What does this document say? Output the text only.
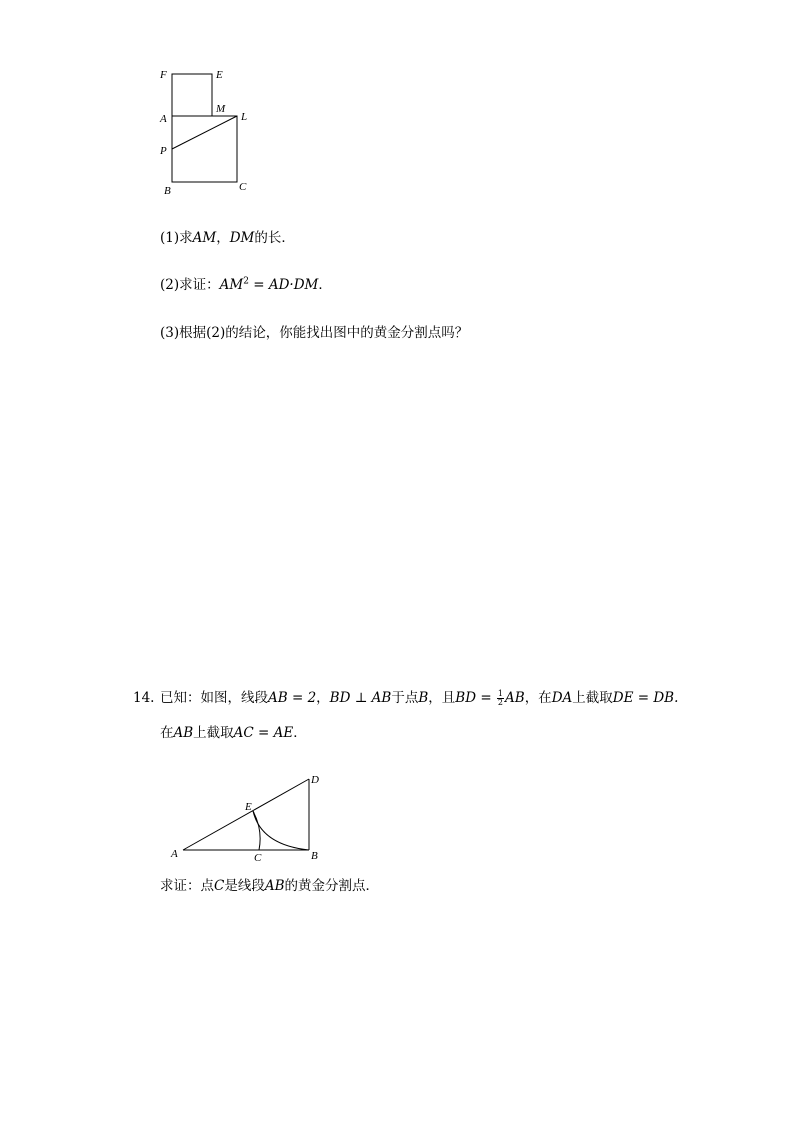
F	E
A
M
L
P
B	C
(1)求AM，DM的长．
(2)求证：$AM^2 = AD\cdot DM$．
(3)根据(2)的结论，你能找出图中的黄金分割点吗？
14. 已知：如图，线段AB = 2，BD ⊥ AB于点B，且BD = $\frac{1}{2}$ AB，在DA上截取DE = DB.
在AB上截取AC = AE．
A	B
C
D
E
求证：点C是线段AB的黄金分割点．
